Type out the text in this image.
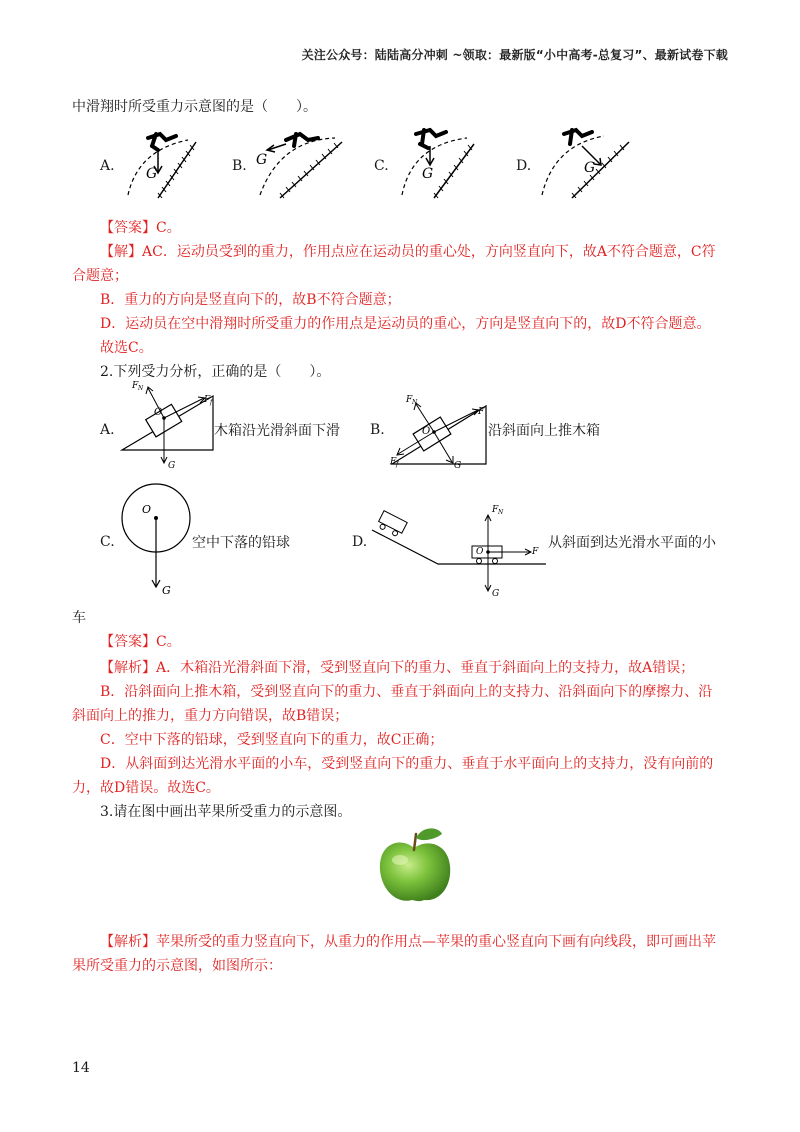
关注公众号：陆陆高分冲刺 ~领取：最新版“小中高考-总复习”、最新试卷下载
中滑翔时所受重力示意图的是（　　）。
A.	B.	C.	D.
G
G
G	G
【答案】C。
【解】AC．运动员受到的重力，作用点应在运动员的重心处，方向竖直向下，故A不符合题意，C符
合题意；
B．重力的方向是竖直向下的，故B不符合题意；
D．运动员在空中滑翔时所受重力的作用点是运动员的重心，方向是竖直向下的，故D不符合题意。
故选C。
2.下列受力分析，正确的是（　　）。
A.
O
F N
F f
G
木箱沿光滑斜面下滑 B.	O
F N
F
F f	G
沿斜面向上推木箱
C.
O
G
空中下落的铅球	D.
O
F N
F
G
从斜面到达光滑水平面的小
车
【答案】C。
【解析】A．木箱沿光滑斜面下滑，受到竖直向下的重力、垂直于斜面向上的支持力，故A错误；
B．沿斜面向上推木箱，受到竖直向下的重力、垂直于斜面向上的支持力、沿斜面向下的摩擦力、沿
斜面向上的推力，重力方向错误，故B错误；
C．空中下落的铅球，受到竖直向下的重力，故C正确；
D．从斜面到达光滑水平面的小车，受到竖直向下的重力、垂直于水平面向上的支持力，没有向前的
力，故D错误。故选C。
3.请在图中画出苹果所受重力的示意图。
【解析】苹果所受的重力竖直向下，从重力的作用点—苹果的重心竖直向下画有向线段，即可画出苹
果所受重力的示意图，如图所示：
14
